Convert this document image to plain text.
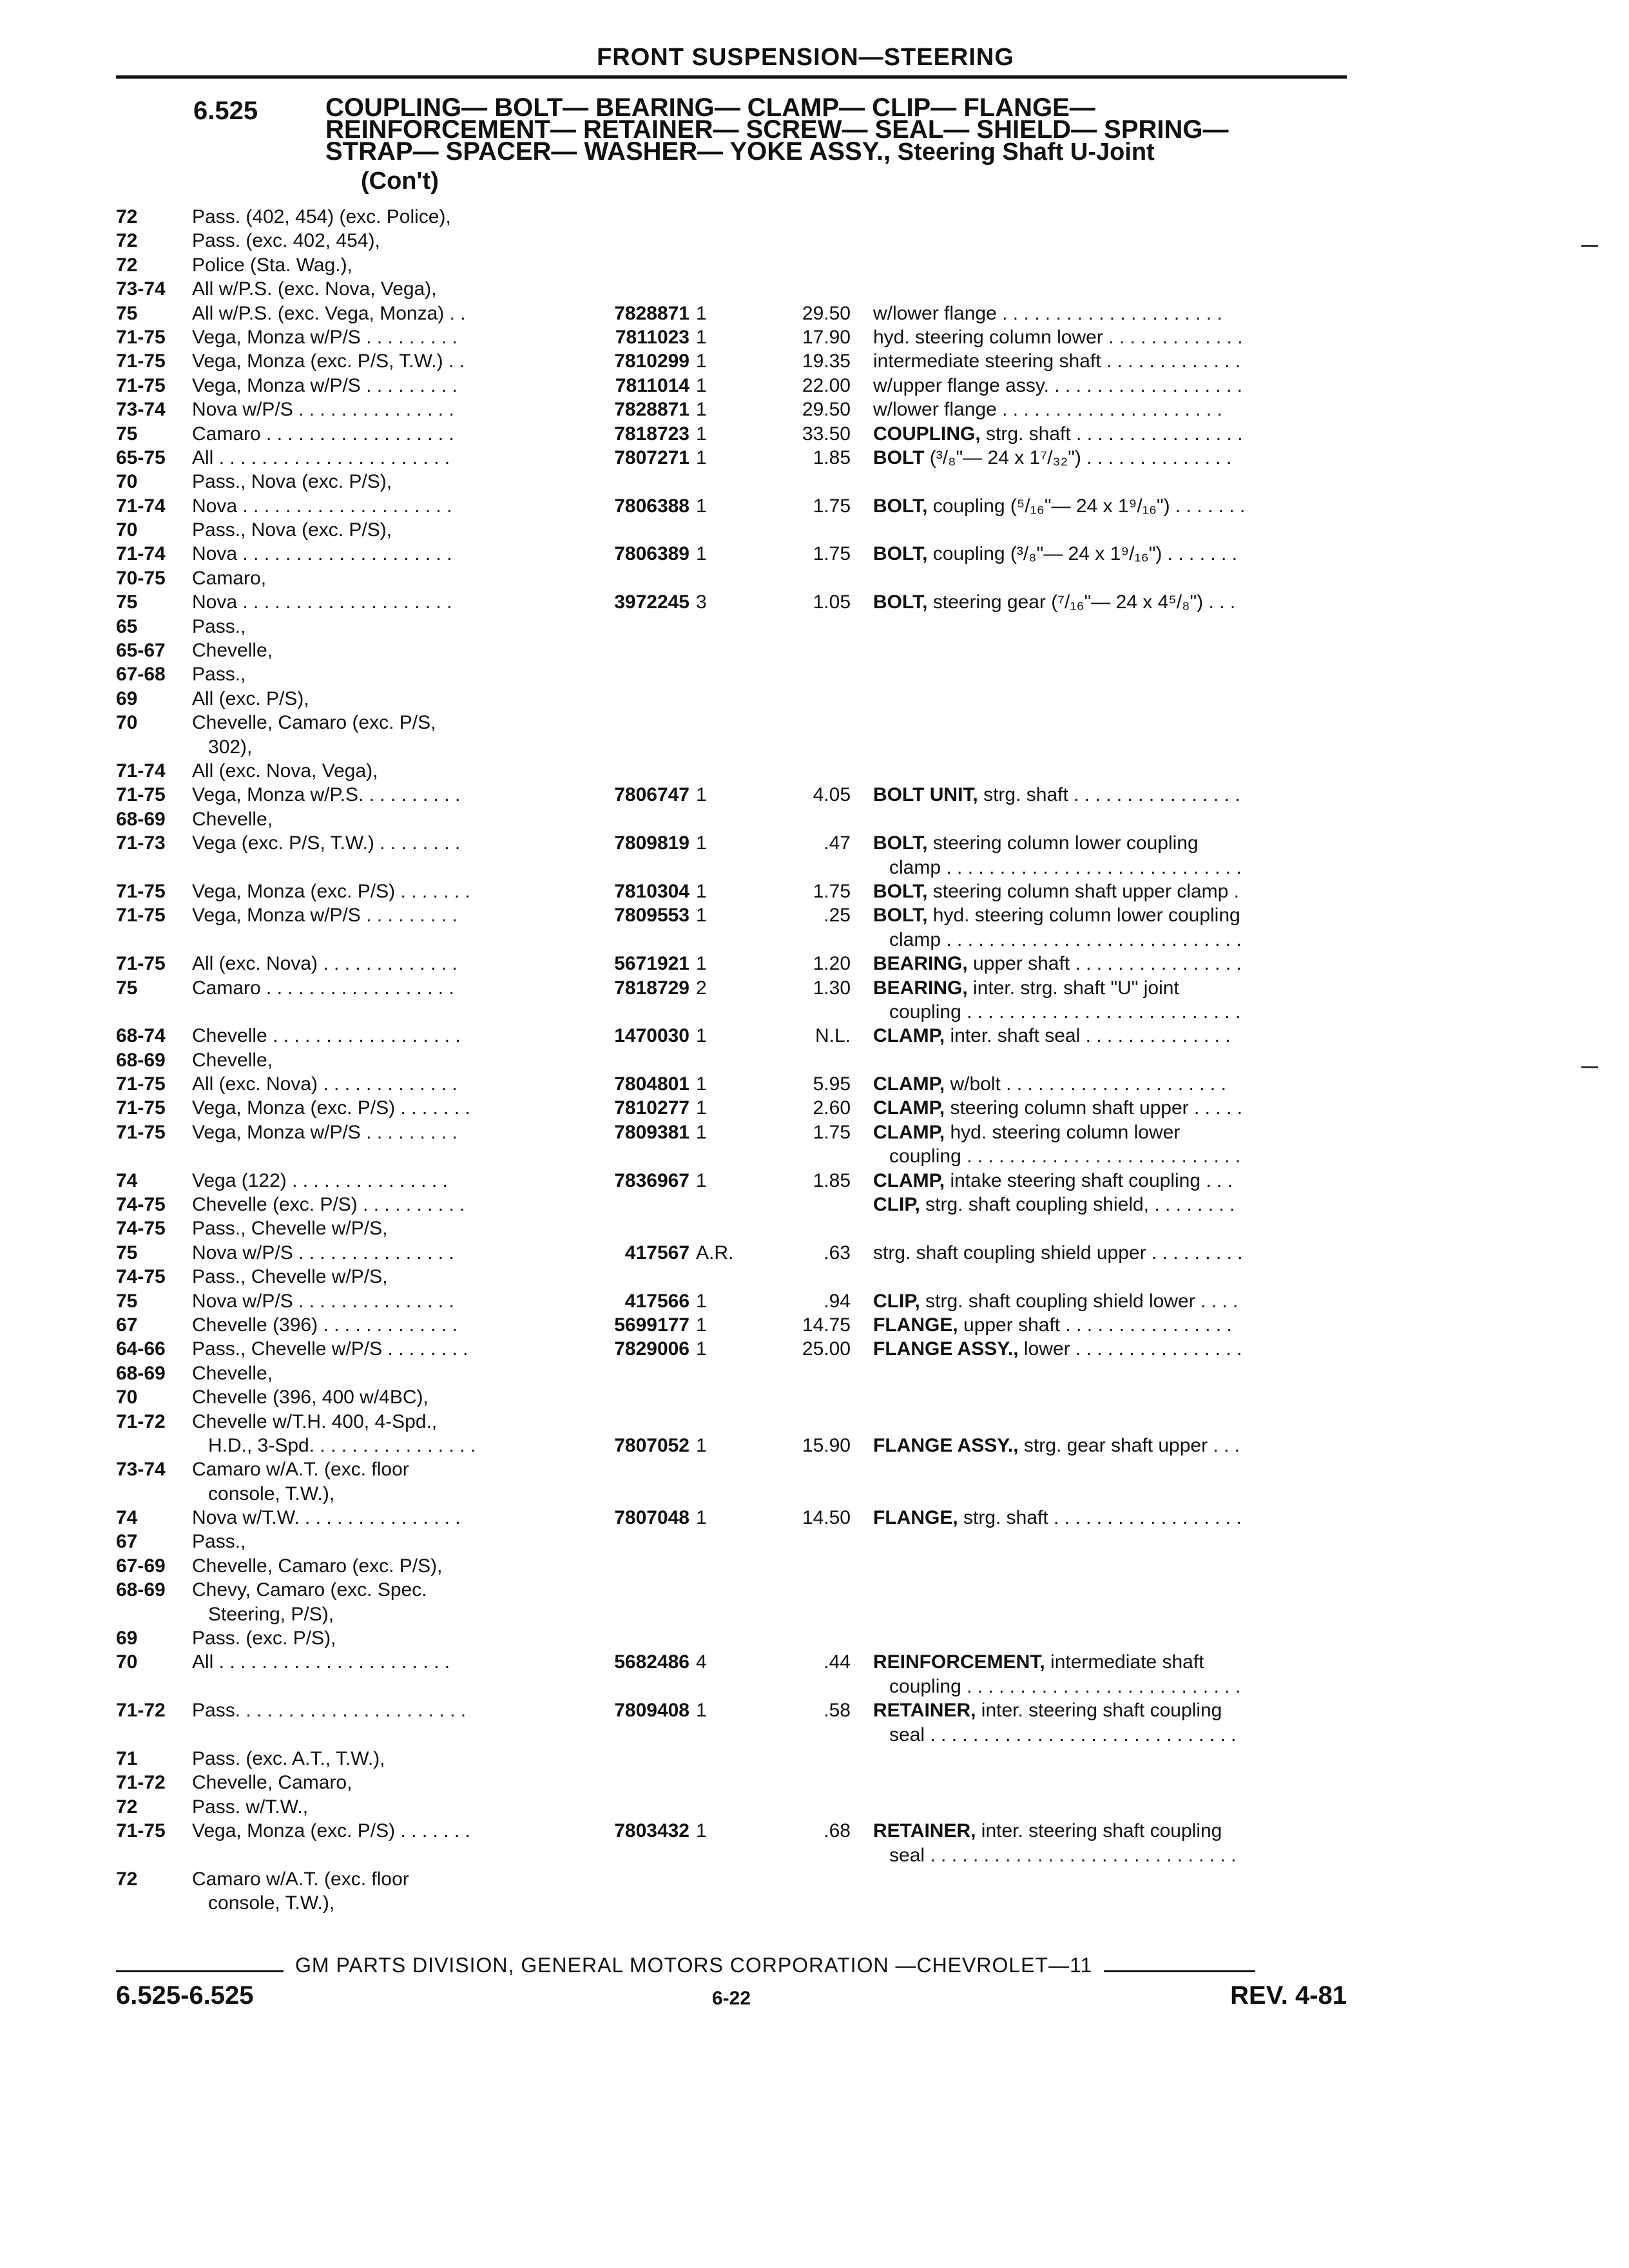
FRONT SUSPENSION—STEERING
6.525	COUPLING— BOLT— BEARING— CLAMP— CLIP— FLANGE—
REINFORCEMENT— RETAINER— SCREW— SEAL— SHIELD— SPRING—
STRAP— SPACER— WASHER— YOKE ASSY., Steering Shaft U-Joint
(Con't)
72	Pass. (402, 454) (exc. Police),
72	Pass. (exc. 402, 454),
72	Police (Sta. Wag.),
73-74	All w/P.S. (exc. Nova, Vega),
75	All w/P.S. (exc. Vega, Monza) . .	7828871 1	29.50 w/lower flange . . . . . . . . . . . . . . . . . . . . .
71-75	Vega, Monza w/P/S . . . . . . . . .	7811023 1	17.90 hyd. steering column lower . . . . . . . . . . . . .
71-75	Vega, Monza (exc. P/S, T.W.) . .	7810299 1	19.35 intermediate steering shaft . . . . . . . . . . . . .
71-75	Vega, Monza w/P/S . . . . . . . . .	7811014 1	22.00 w/upper flange assy. . . . . . . . . . . . . . . . . . .
73-74	Nova w/P/S . . . . . . . . . . . . . . .	7828871 1	29.50 w/lower flange . . . . . . . . . . . . . . . . . . . . .
75	Camaro . . . . . . . . . . . . . . . . . .	7818723 1	33.50 COUPLING, strg. shaft . . . . . . . . . . . . . . . .
65-75	All . . . . . . . . . . . . . . . . . . . . . .	7807271 1	1.85 BOLT (³/₈"— 24 x 1⁷/₃₂") . . . . . . . . . . . . . .
70	Pass., Nova (exc. P/S),
71-74	Nova . . . . . . . . . . . . . . . . . . . .	7806388 1	1.75 BOLT, coupling (⁵/₁₆"— 24 x 1⁹/₁₆") . . . . . . .
70	Pass., Nova (exc. P/S),
71-74	Nova . . . . . . . . . . . . . . . . . . . .	7806389 1	1.75 BOLT, coupling (³/₈"— 24 x 1⁹/₁₆") . . . . . . .
70-75	Camaro,
75	Nova . . . . . . . . . . . . . . . . . . . .	3972245 3	1.05 BOLT, steering gear (⁷/₁₆"— 24 x 4⁵/₈") . . .
65	Pass.,
65-67	Chevelle,
67-68	Pass.,
69	All (exc. P/S),
70	Chevelle, Camaro (exc. P/S,
302),
71-74	All (exc. Nova, Vega),
71-75	Vega, Monza w/P.S. . . . . . . . . .	7806747 1	4.05 BOLT UNIT, strg. shaft . . . . . . . . . . . . . . . .
68-69	Chevelle,
71-73	Vega (exc. P/S, T.W.) . . . . . . . .	7809819 1	.47 BOLT, steering column lower coupling
clamp . . . . . . . . . . . . . . . . . . . . . . . . . . . .
71-75	Vega, Monza (exc. P/S) . . . . . . .	7810304 1	1.75 BOLT, steering column shaft upper clamp .
71-75	Vega, Monza w/P/S . . . . . . . . .	7809553 1	.25 BOLT, hyd. steering column lower coupling
clamp . . . . . . . . . . . . . . . . . . . . . . . . . . . .
71-75	All (exc. Nova) . . . . . . . . . . . . .	5671921 1	1.20 BEARING, upper shaft . . . . . . . . . . . . . . . .
75	Camaro . . . . . . . . . . . . . . . . . .	7818729 2	1.30 BEARING, inter. strg. shaft "U" joint
coupling . . . . . . . . . . . . . . . . . . . . . . . . . .
68-74	Chevelle . . . . . . . . . . . . . . . . . .	1470030 1	N.L. CLAMP, inter. shaft seal . . . . . . . . . . . . . .
68-69	Chevelle,
71-75	All (exc. Nova) . . . . . . . . . . . . .	7804801 1	5.95 CLAMP, w/bolt . . . . . . . . . . . . . . . . . . . . .
71-75	Vega, Monza (exc. P/S) . . . . . . .	7810277 1	2.60 CLAMP, steering column shaft upper . . . . .
71-75	Vega, Monza w/P/S . . . . . . . . .	7809381 1	1.75 CLAMP, hyd. steering column lower
coupling . . . . . . . . . . . . . . . . . . . . . . . . . .
74	Vega (122) . . . . . . . . . . . . . . .	7836967 1	1.85 CLAMP, intake steering shaft coupling . . .
74-75	Chevelle (exc. P/S) . . . . . . . . . .	CLIP, strg. shaft coupling shield, . . . . . . . .
74-75	Pass., Chevelle w/P/S,
75	Nova w/P/S . . . . . . . . . . . . . . .	417567 A.R.	.63 strg. shaft coupling shield upper . . . . . . . . .
74-75	Pass., Chevelle w/P/S,
75	Nova w/P/S . . . . . . . . . . . . . . .	417566 1	.94 CLIP, strg. shaft coupling shield lower . . . .
67	Chevelle (396) . . . . . . . . . . . . .	5699177 1	14.75 FLANGE, upper shaft . . . . . . . . . . . . . . . .
64-66	Pass., Chevelle w/P/S . . . . . . . .	7829006 1	25.00 FLANGE ASSY., lower . . . . . . . . . . . . . . . .
68-69	Chevelle,
70	Chevelle (396, 400 w/4BC),
71-72	Chevelle w/T.H. 400, 4-Spd.,
H.D., 3-Spd. . . . . . . . . . . . . . . .	7807052 1	15.90 FLANGE ASSY., strg. gear shaft upper . . .
73-74	Camaro w/A.T. (exc. floor
console, T.W.),
74	Nova w/T.W. . . . . . . . . . . . . . . .	7807048 1	14.50 FLANGE, strg. shaft . . . . . . . . . . . . . . . . . .
67	Pass.,
67-69	Chevelle, Camaro (exc. P/S),
68-69	Chevy, Camaro (exc. Spec.
Steering, P/S),
69	Pass. (exc. P/S),
70	All . . . . . . . . . . . . . . . . . . . . . .	5682486 4	.44 REINFORCEMENT, intermediate shaft
coupling . . . . . . . . . . . . . . . . . . . . . . . . . .
71-72	Pass. . . . . . . . . . . . . . . . . . . . . .	7809408 1	.58 RETAINER, inter. steering shaft coupling
seal . . . . . . . . . . . . . . . . . . . . . . . . . . . . .
71	Pass. (exc. A.T., T.W.),
71-72	Chevelle, Camaro,
72	Pass. w/T.W.,
71-75	Vega, Monza (exc. P/S) . . . . . . .	7803432 1	.68 RETAINER, inter. steering shaft coupling
seal . . . . . . . . . . . . . . . . . . . . . . . . . . . . .
72	Camaro w/A.T. (exc. floor
console, T.W.),
GM PARTS DIVISION, GENERAL MOTORS CORPORATION —CHEVROLET—11
6.525-6.525	6-22	REV. 4-81
